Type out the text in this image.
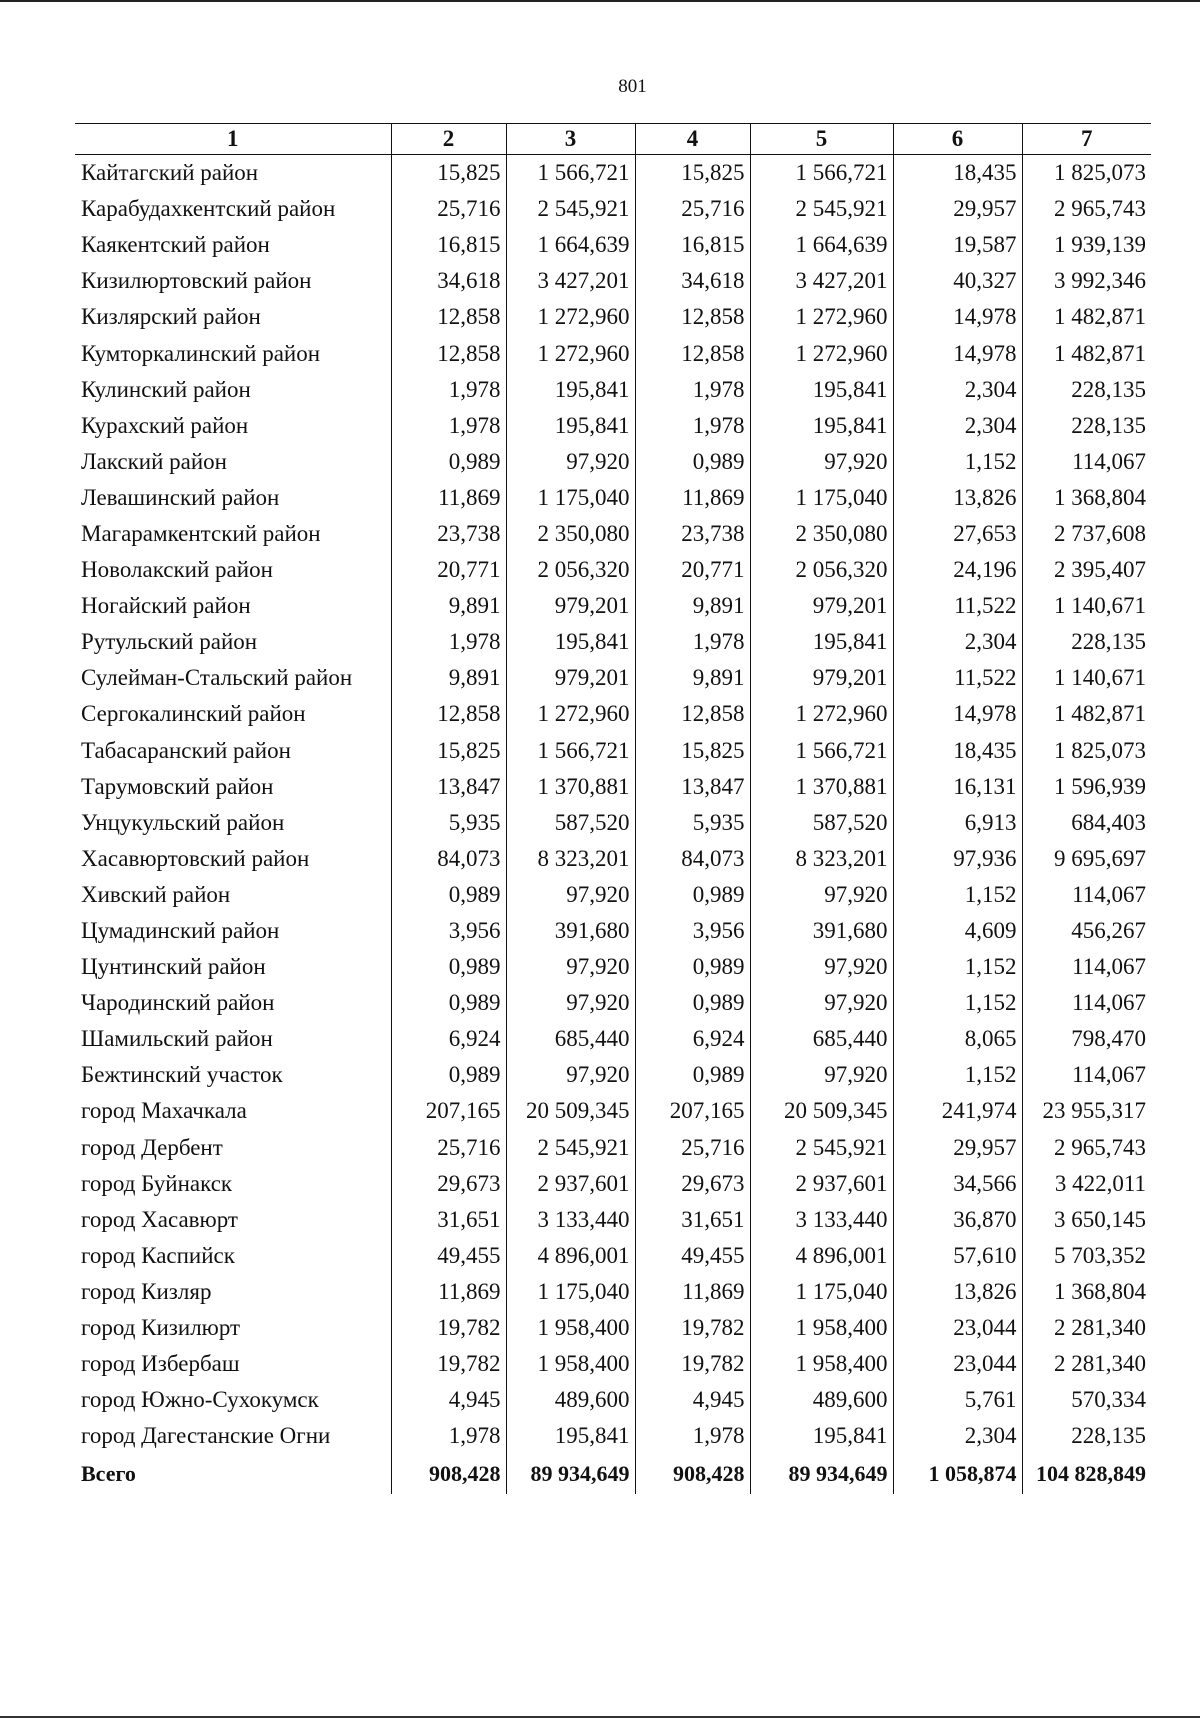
801
1	2	3	4	5	6	7
Кайтагский район	15,825	1 566,721	15,825	1 566,721	18,435	1 825,073
Карабудахкентский район	25,716	2 545,921	25,716	2 545,921	29,957	2 965,743
Каякентский район	16,815	1 664,639	16,815	1 664,639	19,587	1 939,139
Кизилюртовский район	34,618	3 427,201	34,618	3 427,201	40,327	3 992,346
Кизлярский район	12,858	1 272,960	12,858	1 272,960	14,978	1 482,871
Кумторкалинский район	12,858	1 272,960	12,858	1 272,960	14,978	1 482,871
Кулинский район	1,978	195,841	1,978	195,841	2,304	228,135
Курахский район	1,978	195,841	1,978	195,841	2,304	228,135
Лакский район	0,989	97,920	0,989	97,920	1,152	114,067
Левашинский район	11,869	1 175,040	11,869	1 175,040	13,826	1 368,804
Магарамкентский район	23,738	2 350,080	23,738	2 350,080	27,653	2 737,608
Новолакский район	20,771	2 056,320	20,771	2 056,320	24,196	2 395,407
Ногайский район	9,891	979,201	9,891	979,201	11,522	1 140,671
Рутульский район	1,978	195,841	1,978	195,841	2,304	228,135
Сулейман-Стальский район	9,891	979,201	9,891	979,201	11,522	1 140,671
Сергокалинский район	12,858	1 272,960	12,858	1 272,960	14,978	1 482,871
Табасаранский район	15,825	1 566,721	15,825	1 566,721	18,435	1 825,073
Тарумовский район	13,847	1 370,881	13,847	1 370,881	16,131	1 596,939
Унцукульский район	5,935	587,520	5,935	587,520	6,913	684,403
Хасавюртовский район	84,073	8 323,201	84,073	8 323,201	97,936	9 695,697
Хивский район	0,989	97,920	0,989	97,920	1,152	114,067
Цумадинский район	3,956	391,680	3,956	391,680	4,609	456,267
Цунтинский район	0,989	97,920	0,989	97,920	1,152	114,067
Чародинский район	0,989	97,920	0,989	97,920	1,152	114,067
Шамильский район	6,924	685,440	6,924	685,440	8,065	798,470
Бежтинский участок	0,989	97,920	0,989	97,920	1,152	114,067
город Махачкала	207,165	20 509,345	207,165	20 509,345	241,974	23 955,317
город Дербент	25,716	2 545,921	25,716	2 545,921	29,957	2 965,743
город Буйнакск	29,673	2 937,601	29,673	2 937,601	34,566	3 422,011
город Хасавюрт	31,651	3 133,440	31,651	3 133,440	36,870	3 650,145
город Каспийск	49,455	4 896,001	49,455	4 896,001	57,610	5 703,352
город Кизляр	11,869	1 175,040	11,869	1 175,040	13,826	1 368,804
город Кизилюрт	19,782	1 958,400	19,782	1 958,400	23,044	2 281,340
город Избербаш	19,782	1 958,400	19,782	1 958,400	23,044	2 281,340
город Южно-Сухокумск	4,945	489,600	4,945	489,600	5,761	570,334
город Дагестанские Огни	1,978	195,841	1,978	195,841	2,304	228,135
Всего	908,428	89 934,649	908,428	89 934,649	1 058,874	104 828,849
